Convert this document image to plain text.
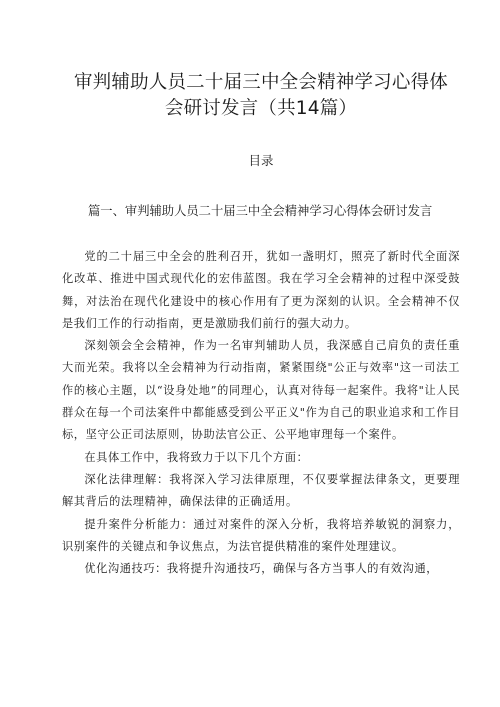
审判辅助人员二十届三中全会精神学习心得体
会研讨发言（共14篇）
目录
篇一、审判辅助人员二十届三中全会精神学习心得体会研讨发言

党的二十届三中全会的胜利召开，犹如一盏明灯，照亮了新时代全面深化改革、推进中国式现代化的宏伟蓝图。我在学习全会精神的过程中深受鼓舞，对法治在现代化建设中的核心作用有了更为深刻的认识。全会精神不仅是我们工作的行动指南，更是激励我们前行的强大动力。

深刻领会全会精神，作为一名审判辅助人员，我深感自己肩负的责任重大而光荣。我将以全会精神为行动指南，紧紧围绕"公正与效率"这一司法工作的核心主题，以“设身处地”的同理心，认真对待每一起案件。我将"让人民群众在每一个司法案件中都能感受到公平正义"作为自己的职业追求和工作目标，坚守公正司法原则，协助法官公正、公平地审理每一个案件。

在具体工作中，我将致力于以下几个方面：

深化法律理解：我将深入学习法律原理，不仅要掌握法律条文，更要理解其背后的法理精神，确保法律的正确适用。

提升案件分析能力：通过对案件的深入分析，我将培养敏锐的洞察力，识别案件的关键点和争议焦点，为法官提供精准的案件处理建议。

优化沟通技巧：我将提升沟通技巧，确保与各方当事人的有效沟通，
